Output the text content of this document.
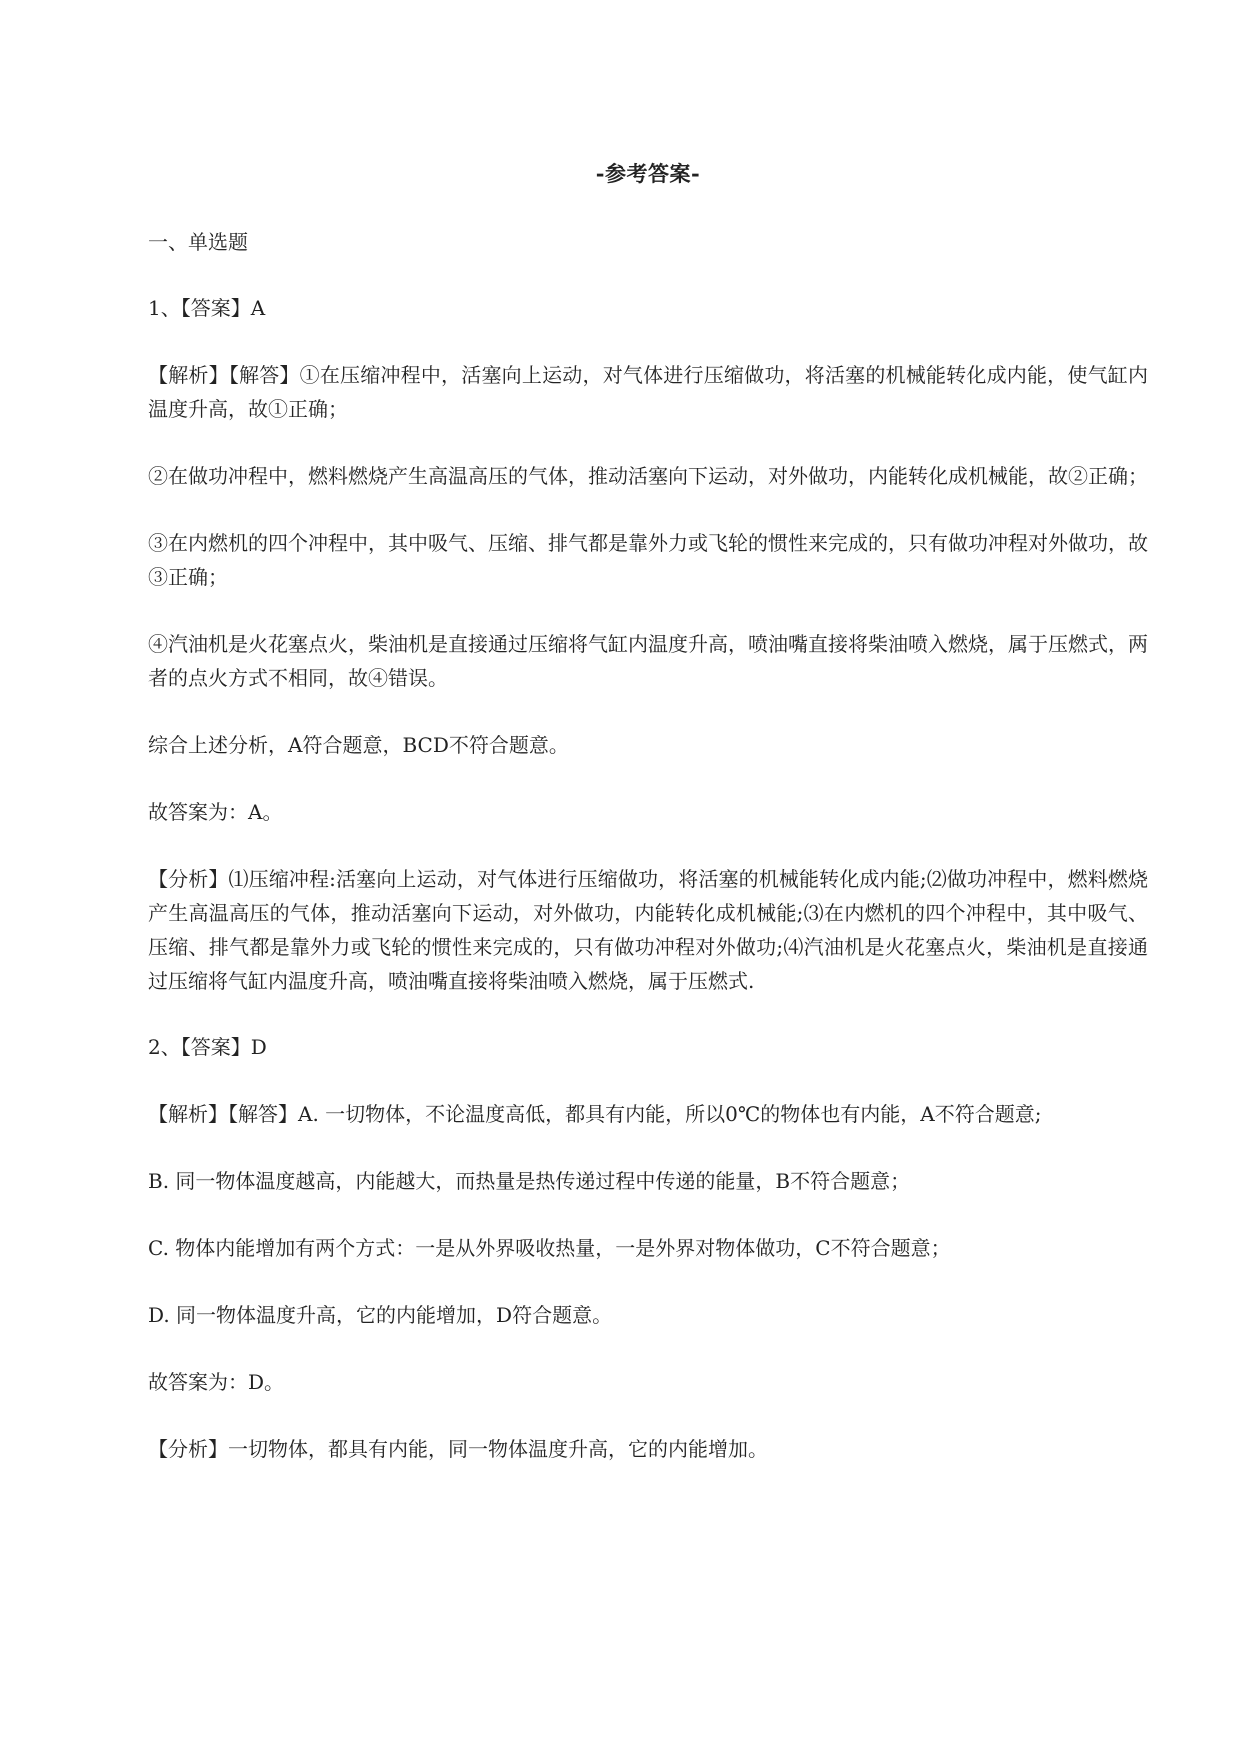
-参考答案-
一、单选题
1、【答案】A

【解析】【解答】①在压缩冲程中，活塞向上运动，对气体进行压缩做功，将活塞的机械能转化成内能，使气缸内温度升高，故①正确；

②在做功冲程中，燃料燃烧产生高温高压的气体，推动活塞向下运动，对外做功，内能转化成机械能，故②正确；

③在内燃机的四个冲程中，其中吸气、压缩、排气都是靠外力或飞轮的惯性来完成的，只有做功冲程对外做功，故③正确；

④汽油机是火花塞点火，柴油机是直接通过压缩将气缸内温度升高，喷油嘴直接将柴油喷入燃烧，属于压燃式，两者的点火方式不相同，故④错误。

综合上述分析，A符合题意，BCD不符合题意。

故答案为：A。

【分析】⑴压缩冲程:活塞向上运动，对气体进行压缩做功，将活塞的机械能转化成内能;⑵做功冲程中，燃料燃烧产生高温高压的气体，推动活塞向下运动，对外做功，内能转化成机械能;⑶在内燃机的四个冲程中，其中吸气、压缩、排气都是靠外力或飞轮的惯性来完成的，只有做功冲程对外做功;⑷汽油机是火花塞点火，柴油机是直接通过压缩将气缸内温度升高，喷油嘴直接将柴油喷入燃烧，属于压燃式.

2、【答案】D

【解析】【解答】A. 一切物体，不论温度高低，都具有内能，所以0℃的物体也有内能，A不符合题意;

B. 同一物体温度越高，内能越大，而热量是热传递过程中传递的能量，B不符合题意；

C. 物体内能增加有两个方式：一是从外界吸收热量，一是外界对物体做功，C不符合题意；

D. 同一物体温度升高，它的内能增加，D符合题意。

故答案为：D。

【分析】一切物体，都具有内能，同一物体温度升高，它的内能增加。
